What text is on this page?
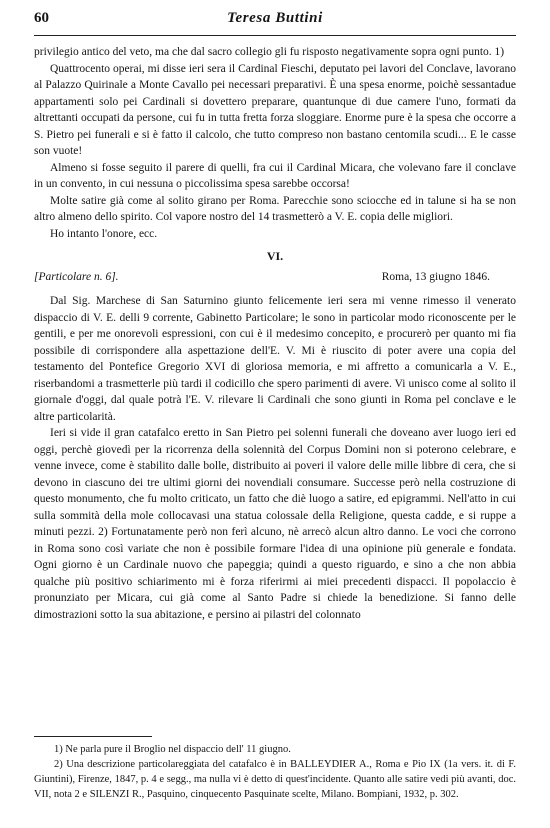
60	Teresa Buttini

privilegio antico del veto, ma che dal sacro collegio gli fu risposto negativamente sopra ogni punto. 1)

Quattrocento operai, mi disse ieri sera il Cardinal Fieschi, deputato pei lavori del Conclave, lavorano al Palazzo Quirinale a Monte Cavallo pei necessari preparativi. È una spesa enorme, poichè sessantadue appartamenti solo pei Cardinali si dovettero preparare, quantunque di due camere l'uno, formati da altrettanti occupati da persone, cui fu in tutta fretta forza sloggiare. Enorme pure è la spesa che occorre a S. Pietro pei funerali e si è fatto il calcolo, che tutto compreso non bastano centomila scudi... E le casse son vuote!

Almeno si fosse seguito il parere di quelli, fra cui il Cardinal Micara, che volevano fare il conclave in un convento, in cui nessuna o piccolissima spesa sarebbe occorsa!

Molte satire già come al solito girano per Roma. Parecchie sono sciocche ed in talune si ha se non altro almeno dello spirito. Col vapore nostro del 14 trasmetterò a V. E. copia delle migliori.

Ho intanto l'onore, ecc.

VI.
[Particolare n. 6].	Roma, 13 giugno 1846.

Dal Sig. Marchese di San Saturnino giunto felicemente ieri sera mi venne rimesso il venerato dispaccio di V. E. delli 9 corrente, Gabinetto Particolare; le sono in particolar modo riconoscente per le gentili, e per me onorevoli espressioni, con cui è il medesimo concepito, e procurerò per quanto mi fia possibile di corrispondere alla aspettazione dell'E. V. Mi è riuscito di poter avere una copia del testamento del Pontefice Gregorio XVI di gloriosa memoria, e mi affretto a comunicarla a V. E., riserbandomi a trasmetterle più tardi il codicillo che spero parimenti di avere. Vi unisco come al solito il giornale d'oggi, dal quale potrà l'E. V. rilevare li Cardinali che sono giunti in Roma pel conclave e le altre particolarità.

Ieri si vide il gran catafalco eretto in San Pietro pei solenni funerali che doveano aver luogo ieri ed oggi, perchè giovedì per la ricorrenza della solennità del Corpus Domini non si poterono celebrare, e venne invece, come è stabilito dalle bolle, distribuito ai poveri il valore delle mille libbre di cera, che si devono in ciascuno dei tre ultimi giorni dei novendiali consumare. Successe però nella costruzione di questo monumento, che fu molto criticato, un fatto che diè luogo a satire, ed epigrammi. Nell'atto in cui sulla sommità della mole collocavasi una statua colossale della Religione, questa cadde, e si ruppe a minuti pezzi. 2) Fortunatamente però non ferì alcuno, nè arrecò alcun altro danno. Le voci che corrono in Roma sono così variate che non è possibile formare l'idea di una opinione più generale e fondata. Ogni giorno è un Cardinale nuovo che papeggia; quindi a questo riguardo, e sino a che non abbia qualche più positivo schiarimento mi è forza riferirmi ai miei precedenti dispacci. Il popolaccio è pronunziato per Micara, cui già come al Santo Padre si chiede la benedizione. Si fanno delle dimostrazioni sotto la sua abitazione, e persino ai pilastri del colonnato

1) Ne parla pure il Broglio nel dispaccio dell' 11 giugno.

2) Una descrizione particolareggiata del catafalco è in BALLEYDIER A., Roma e Pio IX (1a vers. it. di F. Giuntini), Firenze, 1847, p. 4 e segg., ma nulla vi è detto di quest'incidente. Quanto alle satire vedi più avanti, doc. VII, nota 2 e SILENZI R., Pasquino, cinquecento Pasquinate scelte, Milano. Bompiani, 1932, p. 302.
